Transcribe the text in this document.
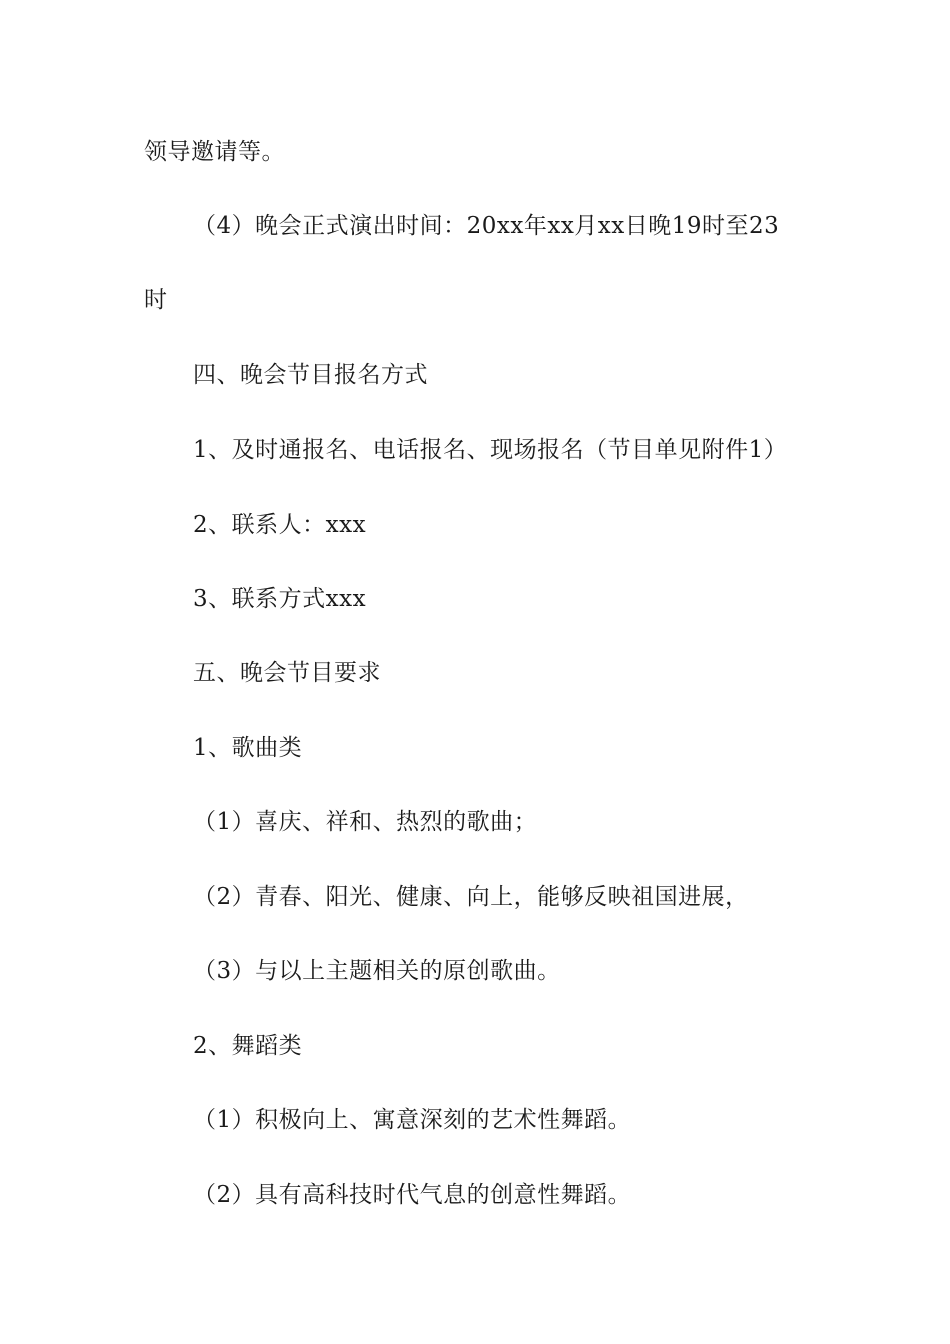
领导邀请等。
（4）晚会正式演出时间：20xx年xx月xx日晚19时至23
时
四、晚会节目报名方式
1、及时通报名、电话报名、现场报名（节目单见附件1）
2、联系人：xxx
3、联系方式xxx
五、晚会节目要求
1、歌曲类
（1）喜庆、祥和、热烈的歌曲；
（2）青春、阳光、健康、向上，能够反映祖国进展，
（3）与以上主题相关的原创歌曲。
2、舞蹈类
（1）积极向上、寓意深刻的艺术性舞蹈。
（2）具有高科技时代气息的创意性舞蹈。
